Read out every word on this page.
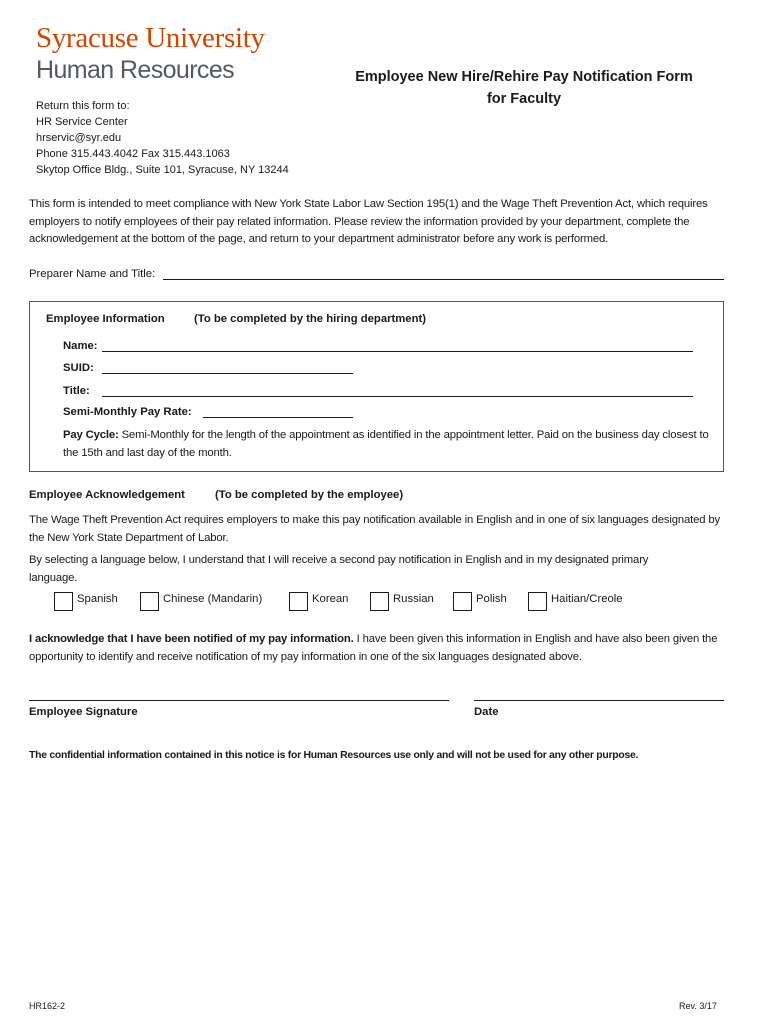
Syracuse University
Human Resources	Employee New Hire/Rehire Pay Notification Form
for Faculty
Return this form to:
HR Service Center
hrservic@syr.edu
Phone 315.443.4042 Fax 315.443.1063
Skytop Office Bldg., Suite 101, Syracuse, NY 13244
This form is intended to meet compliance with New York State Labor Law Section 195(1) and the Wage Theft Prevention Act, which requires employers to notify employees of their pay related information. Please review the information provided by your department, complete the acknowledgement at the bottom of the page, and return to your department administrator before any work is performed.
Preparer Name and Title:
Employee Information	(To be completed by the hiring department)
Name:
SUID:
Title:
Semi-Monthly Pay Rate:
Pay Cycle: Semi-Monthly for the length of the appointment as identified in the appointment letter. Paid on the business day closest to the 15th and last day of the month.
Employee Acknowledgement	(To be completed by the employee)
The Wage Theft Prevention Act requires employers to make this pay notification available in English and in one of six languages designated by the New York State Department of Labor.
By selecting a language below, I understand that I will receive a second pay notification in English and in my designated primary language.
Spanish	Chinese (Mandarin)	Korean	Russian	Polish	Haitian/Creole
I acknowledge that I have been notified of my pay information. I have been given this information in English and have also been given the opportunity to identify and receive notification of my pay information in one of the six languages designated above.
Employee Signature	Date
The confidential information contained in this notice is for Human Resources use only and will not be used for any other purpose.
HR162-2	Rev. 3/17
